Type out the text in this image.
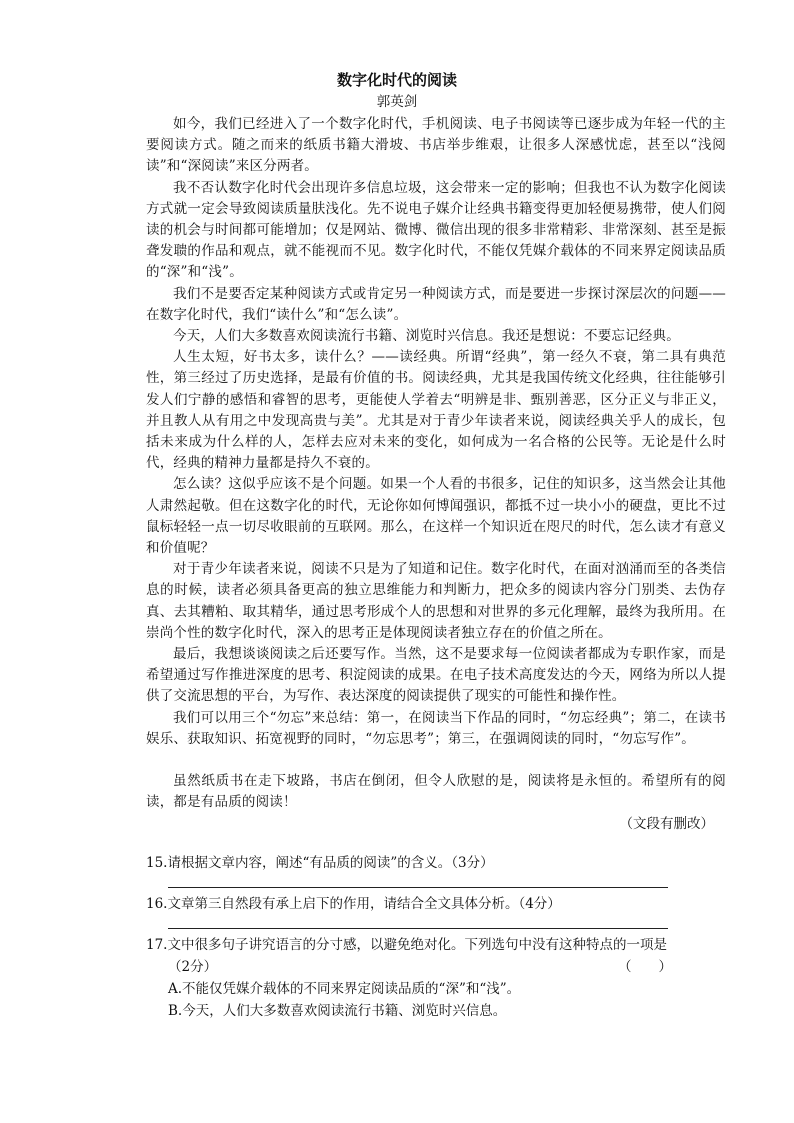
数字化时代的阅读
郭英剑

如今，我们已经进入了一个数字化时代，手机阅读、电子书阅读等已逐步成为年轻一代的主要阅读方式。随之而来的纸质书籍大滑坡、书店举步维艰，让很多人深感忧虑，甚至以“浅阅读”和“深阅读”来区分两者。

我不否认数字化时代会出现许多信息垃圾，这会带来一定的影响；但我也不认为数字化阅读方式就一定会导致阅读质量肤浅化。先不说电子媒介让经典书籍变得更加轻便易携带，使人们阅读的机会与时间都可能增加；仅是网站、微博、微信出现的很多非常精彩、非常深刻、甚至是振聋发聩的作品和观点，就不能视而不见。数字化时代，不能仅凭媒介载体的不同来界定阅读品质的“深”和“浅”。

我们不是要否定某种阅读方式或肯定另一种阅读方式，而是要进一步探讨深层次的问题——在数字化时代，我们“读什么”和“怎么读”。

今天，人们大多数喜欢阅读流行书籍、浏览时兴信息。我还是想说：不要忘记经典。

人生太短，好书太多，读什么？——读经典。所谓“经典”，第一经久不衰，第二具有典范性，第三经过了历史选择，是最有价值的书。阅读经典，尤其是我国传统文化经典，往往能够引发人们宁静的感悟和睿智的思考，更能使人学着去“明辨是非、甄别善恶，区分正义与非正义，并且教人从有用之中发现高贵与美”。尤其是对于青少年读者来说，阅读经典关乎人的成长，包括未来成为什么样的人，怎样去应对未来的变化，如何成为一名合格的公民等。无论是什么时代，经典的精神力量都是持久不衰的。

怎么读？这似乎应该不是个问题。如果一个人看的书很多，记住的知识多，这当然会让其他人肃然起敬。但在这数字化的时代，无论你如何博闻强识，都抵不过一块小小的硬盘，更比不过鼠标轻轻一点一切尽收眼前的互联网。那么，在这样一个知识近在咫尺的时代，怎么读才有意义和价值呢？

对于青少年读者来说，阅读不只是为了知道和记住。数字化时代，在面对汹涌而至的各类信息的时候，读者必须具备更高的独立思维能力和判断力，把众多的阅读内容分门别类、去伪存真、去其糟粕、取其精华，通过思考形成个人的思想和对世界的多元化理解，最终为我所用。在崇尚个性的数字化时代，深入的思考正是体现阅读者独立存在的价值之所在。

最后，我想谈谈阅读之后还要写作。当然，这不是要求每一位阅读者都成为专职作家，而是希望通过写作推进深度的思考、积淀阅读的成果。在电子技术高度发达的今天，网络为所以人提供了交流思想的平台，为写作、表达深度的阅读提供了现实的可能性和操作性。

我们可以用三个“勿忘”来总结：第一，在阅读当下作品的同时，“勿忘经典”；第二，在读书娱乐、获取知识、拓宽视野的同时，“勿忘思考”；第三，在强调阅读的同时，“勿忘写作”。

虽然纸质书在走下坡路，书店在倒闭，但令人欣慰的是，阅读将是永恒的。希望所有的阅读，都是有品质的阅读！

（文段有删改）

15.请根据文章内容，阐述“有品质的阅读”的含义。（3分）

16.文章第三自然段有承上启下的作用，请结合全文具体分析。（4分）

17.文中很多句子讲究语言的分寸感，以避免绝对化。下列选句中没有这种特点的一项是

（2分）	（　　）

A.不能仅凭媒介载体的不同来界定阅读品质的“深”和“浅”。

B.今天，人们大多数喜欢阅读流行书籍、浏览时兴信息。
